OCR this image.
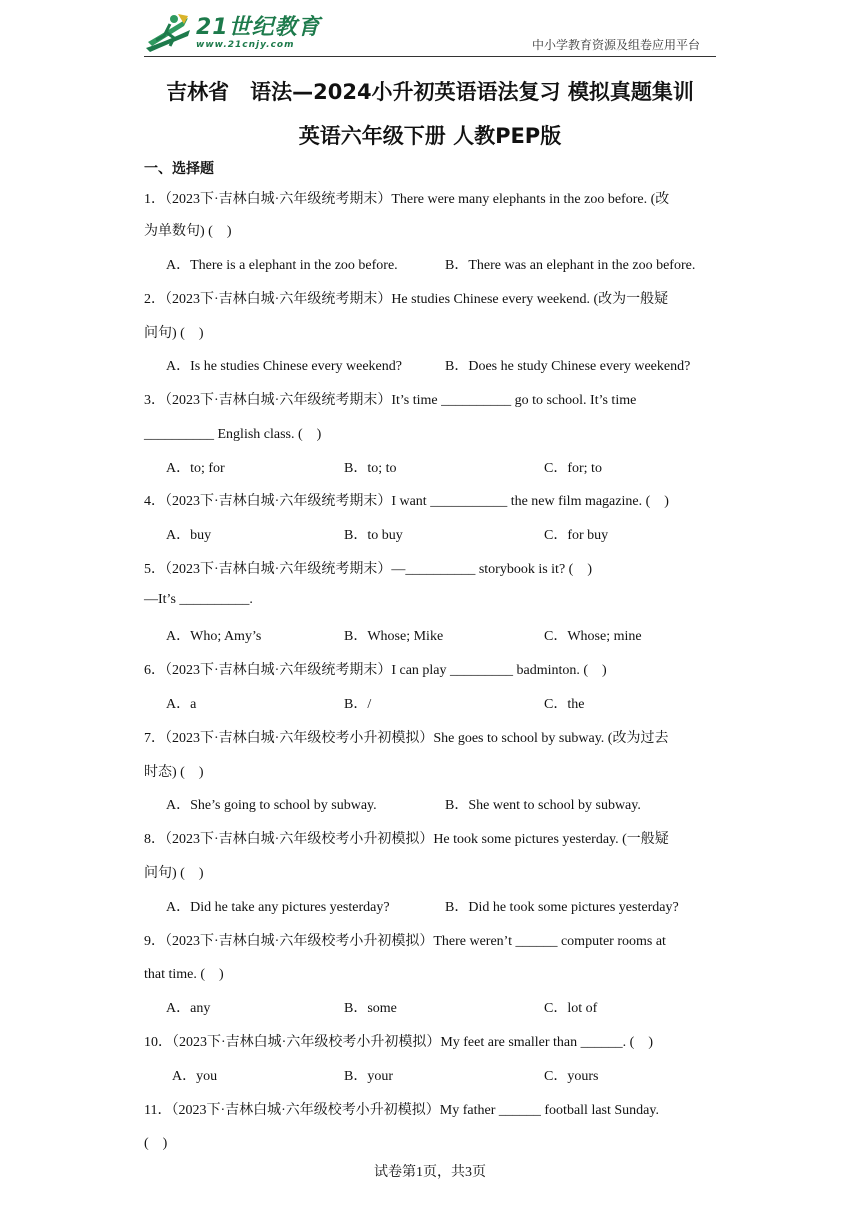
21世纪教育
www.21cnjy.com	中小学教育资源及组卷应用平台
吉林省　语法—2024小升初英语语法复习 模拟真题集训
英语六年级下册 人教PEP版
一、选择题
1．（2023下·吉林白城·六年级统考期末）There were many elephants in the zoo before. (改
为单数句) (　)
A．There is a elephant in the zoo before.	B．There was an elephant in the zoo before.
2．（2023下·吉林白城·六年级统考期末）He studies Chinese every weekend. (改为一般疑
问句) (　)
A．Is he studies Chinese every weekend?	B．Does he study Chinese every weekend?
3．（2023下·吉林白城·六年级统考期末）It’s time __________ go to school. It’s time
__________ English class. (　)
A．to; for	B．to; to	C．for; to
4．（2023下·吉林白城·六年级统考期末）I want ___________ the new film magazine. (　)
A．buy	B．to buy	C．for buy
5．（2023下·吉林白城·六年级统考期末）—__________ storybook is it? (　)
—It’s __________.
A．Who; Amy’s	B．Whose; Mike	C．Whose; mine
6．（2023下·吉林白城·六年级统考期末）I can play _________ badminton. (　)
A．a	B．/	C．the
7．（2023下·吉林白城·六年级校考小升初模拟）She goes to school by subway. (改为过去
时态) (　)
A．She’s going to school by subway.	B．She went to school by subway.
8．（2023下·吉林白城·六年级校考小升初模拟）He took some pictures yesterday. (一般疑
问句) (　)
A．Did he take any pictures yesterday?	B．Did he took some pictures yesterday?
9．（2023下·吉林白城·六年级校考小升初模拟）There weren’t ______ computer rooms at
that time. (　)
A．any	B．some	C．lot of
10．（2023下·吉林白城·六年级校考小升初模拟）My feet are smaller than ______. (　)
A．you	B．your	C．yours
11．（2023下·吉林白城·六年级校考小升初模拟）My father ______ football last Sunday.
(　)
试卷第1页，共3页
